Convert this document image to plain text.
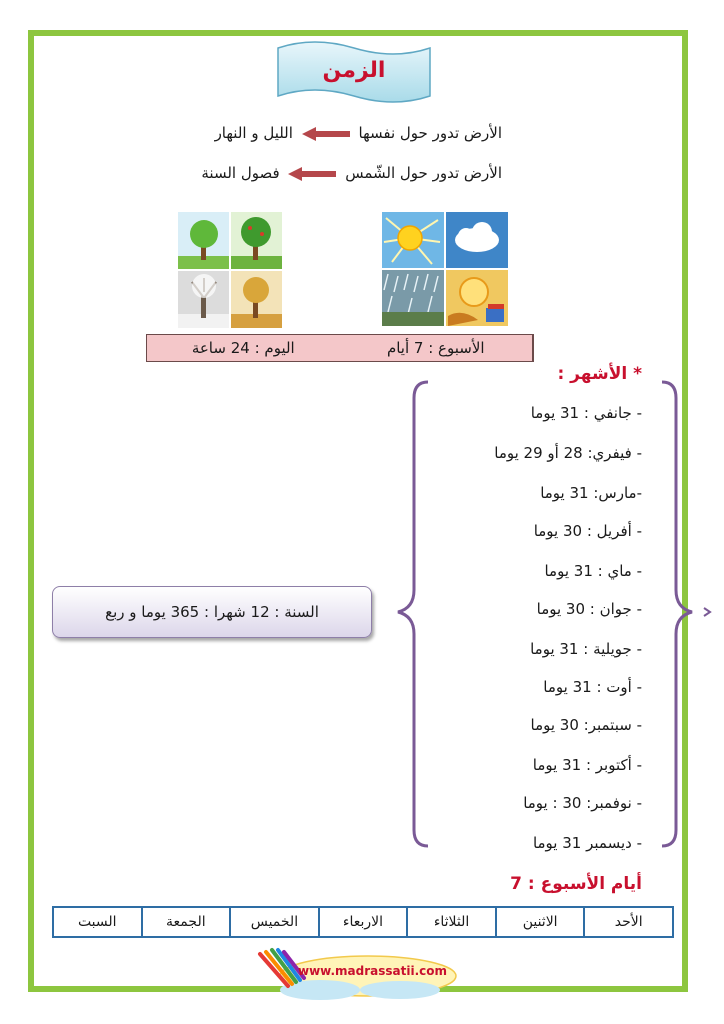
الزمن
الأرض تدور حول نفسها  الليل و النهار
الأرض تدور حول الشّمس  فصول السنة
اليوم : 24 ساعة	الأسبوع : 7 أيام
* الأشهر :
- جانفي : 31 يوما
- فيفري: 28 أو 29 يوما
-مارس: 31 يوما
- أفريل : 30 يوما
- ماي : 31 يوما
- جوان : 30 يوما
- جويلية : 31 يوما
- أوت : 31 يوما
- سبتمبر: 30 يوما
- أكتوبر : 31 يوما
- نوفمبر: 30 : يوما
- ديسمبر 31 يوما
السنة : 12 شهرا : 365 يوما و ربع
أيام الأسبوع : 7
الأحد
الاثنين
الثلاثاء
الاربعاء
الخميس
الجمعة
السبت
www.madrassatii.com
